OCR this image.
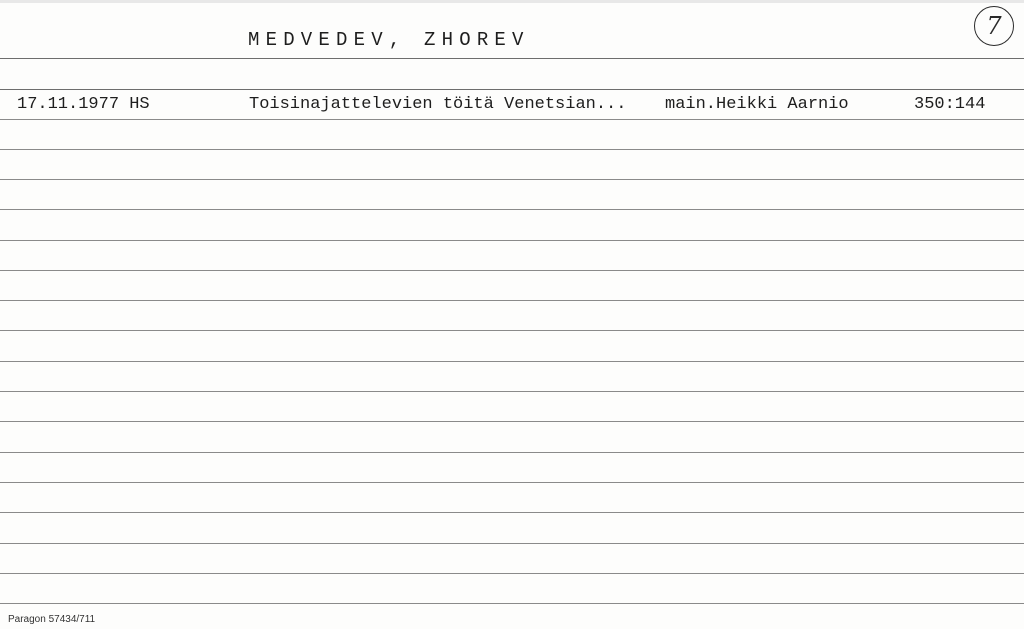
MEDVEDEV, ZHOREV	7
17.11.1977 HS	Toisinajattelevien töitä Venetsian... main.Heikki Aarnio	350:144
Paragon 57434/711
